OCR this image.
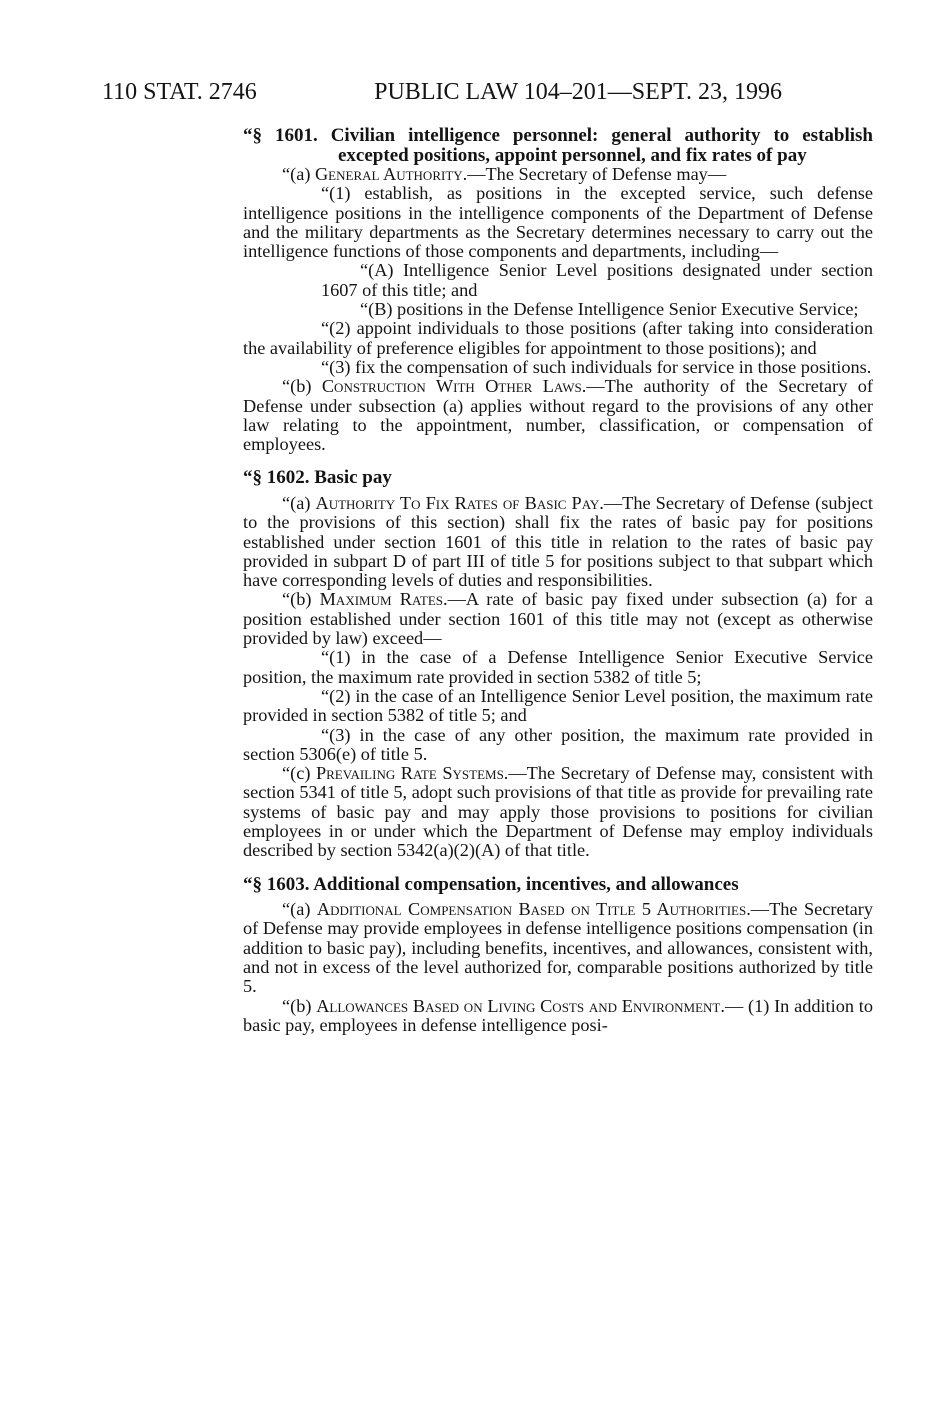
110 STAT. 2746	PUBLIC LAW 104–201—SEPT. 23, 1996
“§ 1601. Civilian intelligence personnel: general authority to establish excepted positions, appoint personnel, and fix rates of pay

“(a) General Authority.—The Secretary of Defense may—

“(1) establish, as positions in the excepted service, such defense intelligence positions in the intelligence components of the Department of Defense and the military departments as the Secretary determines necessary to carry out the intelligence functions of those components and departments, including—

“(A) Intelligence Senior Level positions designated under section 1607 of this title; and

“(B) positions in the Defense Intelligence Senior Executive Service;

“(2) appoint individuals to those positions (after taking into consideration the availability of preference eligibles for appointment to those positions); and

“(3) fix the compensation of such individuals for service in those positions.

“(b) Construction With Other Laws.—The authority of the Secretary of Defense under subsection (a) applies without regard to the provisions of any other law relating to the appointment, number, classification, or compensation of employees.

“§ 1602. Basic pay

“(a) Authority To Fix Rates of Basic Pay.—The Secretary of Defense (subject to the provisions of this section) shall fix the rates of basic pay for positions established under section 1601 of this title in relation to the rates of basic pay provided in subpart D of part III of title 5 for positions subject to that subpart which have corresponding levels of duties and responsibilities.

“(b) Maximum Rates.—A rate of basic pay fixed under subsection (a) for a position established under section 1601 of this title may not (except as otherwise provided by law) exceed—

“(1) in the case of a Defense Intelligence Senior Executive Service position, the maximum rate provided in section 5382 of title 5;

“(2) in the case of an Intelligence Senior Level position, the maximum rate provided in section 5382 of title 5; and

“(3) in the case of any other position, the maximum rate provided in section 5306(e) of title 5.

“(c) Prevailing Rate Systems.—The Secretary of Defense may, consistent with section 5341 of title 5, adopt such provisions of that title as provide for prevailing rate systems of basic pay and may apply those provisions to positions for civilian employees in or under which the Department of Defense may employ individuals described by section 5342(a)(2)(A) of that title.

“§ 1603. Additional compensation, incentives, and allowances

“(a) Additional Compensation Based on Title 5 Authorities.—The Secretary of Defense may provide employees in defense intelligence positions compensation (in addition to basic pay), including benefits, incentives, and allowances, consistent with, and not in excess of the level authorized for, comparable positions authorized by title 5.

“(b) Allowances Based on Living Costs and Environment.— (1) In addition to basic pay, employees in defense intelligence posi-
